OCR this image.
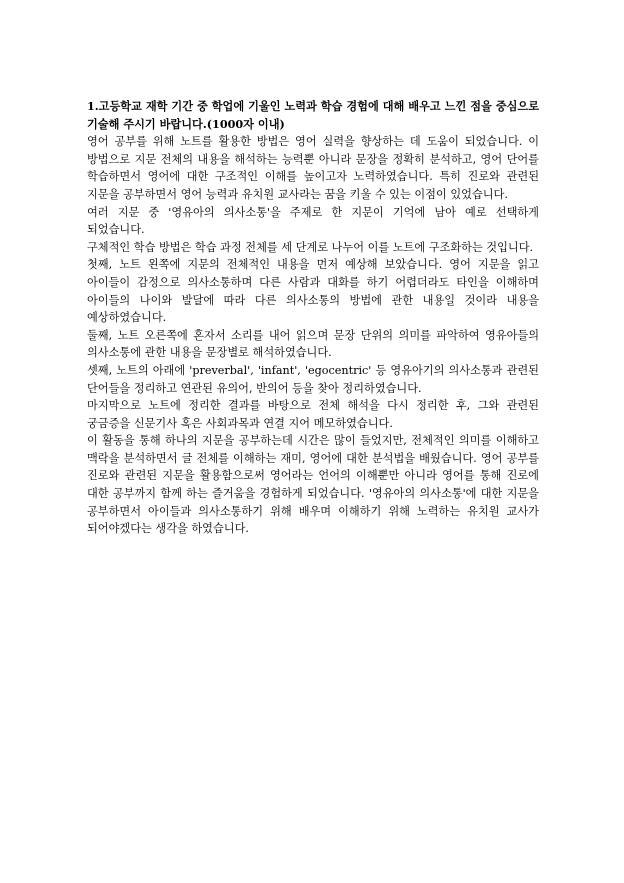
1.고등학교 재학 기간 중 학업에 기울인 노력과 학습 경험에 대해 배우고 느낀 점을 중심으로 기술해 주시기 바랍니다.(1000자 이내)

영어 공부를 위해 노트를 활용한 방법은 영어 실력을 향상하는 데 도움이 되었습니다. 이 방법으로 지문 전체의 내용을 해석하는 능력뿐 아니라 문장을 정확히 분석하고, 영어 단어를 학습하면서 영어에 대한 구조적인 이해를 높이고자 노력하였습니다. 특히 진로와 관련된 지문을 공부하면서 영어 능력과 유치원 교사라는 꿈을 키울 수 있는 이점이 있었습니다.

여러 지문 중 '영유아의 의사소통'을 주제로 한 지문이 기억에 남아 예로 선택하게 되었습니다.

구체적인 학습 방법은 학습 과정 전체를 세 단계로 나누어 이를 노트에 구조화하는 것입니다.

첫째, 노트 왼쪽에 지문의 전체적인 내용을 먼저 예상해 보았습니다. 영어 지문을 읽고 아이들이 감정으로 의사소통하며 다른 사람과 대화를 하기 어렵더라도 타인을 이해하며 아이들의 나이와 발달에 따라 다른 의사소통의 방법에 관한 내용일 것이라 내용을 예상하였습니다.

둘째, 노트 오른쪽에 혼자서 소리를 내어 읽으며 문장 단위의 의미를 파악하여 영유아들의 의사소통에 관한 내용을 문장별로 해석하였습니다.

셋째, 노트의 아래에 'preverbal', 'infant', 'egocentric' 등 영유아기의 의사소통과 관련된 단어들을 정리하고 연관된 유의어, 반의어 등을 찾아 정리하였습니다.

마지막으로 노트에 정리한 결과를 바탕으로 전체 해석을 다시 정리한 후, 그와 관련된 궁금증을 신문기사 혹은 사회과목과 연결 지어 메모하였습니다.

이 활동을 통해 하나의 지문을 공부하는데 시간은 많이 들었지만, 전체적인 의미를 이해하고 맥락을 분석하면서 글 전체를 이해하는 재미, 영어에 대한 분석법을 배웠습니다. 영어 공부를 진로와 관련된 지문을 활용함으로써 영어라는 언어의 이해뿐만 아니라 영어를 통해 진로에 대한 공부까지 함께 하는 즐거움을 경험하게 되었습니다. '영유아의 의사소통'에 대한 지문을 공부하면서 아이들과 의사소통하기 위해 배우며 이해하기 위해 노력하는 유치원 교사가 되어야겠다는 생각을 하였습니다.
